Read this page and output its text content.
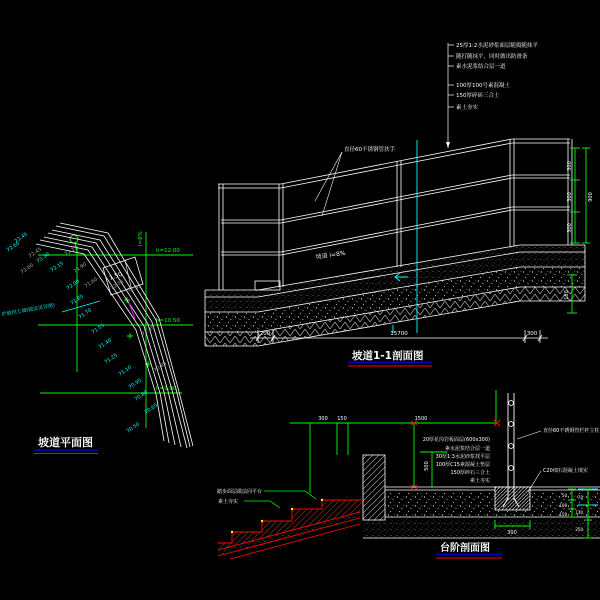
h=12.00
h=10.50
h=9.00
i=8%
1.50
72.35
护坡挡土墙(做法见详图)
72.60
72.45
72.30
72.15
72.00
71.85
71.70
71.55
71.40
71.25
71.10
70.95
70.80
70.65
70.50
72.00
72.45	72.15
71.90
71.60 72.35
71.35
70.85
坡道平面图
25厚1:2水泥砂浆面层随捣随抹平
随打随抹平，同时做出防滑条
素水泥浆结合层一道
100厚100号素混凝土
150厚碎砖三合土
素土夯实
直径60不锈钢管扶手
坡道 i=8%
200	15700	300
300
300
300
900
150
坡道1-1剖面图
300 150	1500
500
20厚花岗岩板面层(600x300)
素水泥浆结合层一道
30厚1:3水泥砂浆找平层
100厚C15素混凝土垫层
150厚碎石三合土
素土夯实
踏步面层做法同平台
素土夯实
直径60不锈钢管栏杆立柱
C20细石混凝土填实
300
50
100
150
70
130
250
台阶剖面图
